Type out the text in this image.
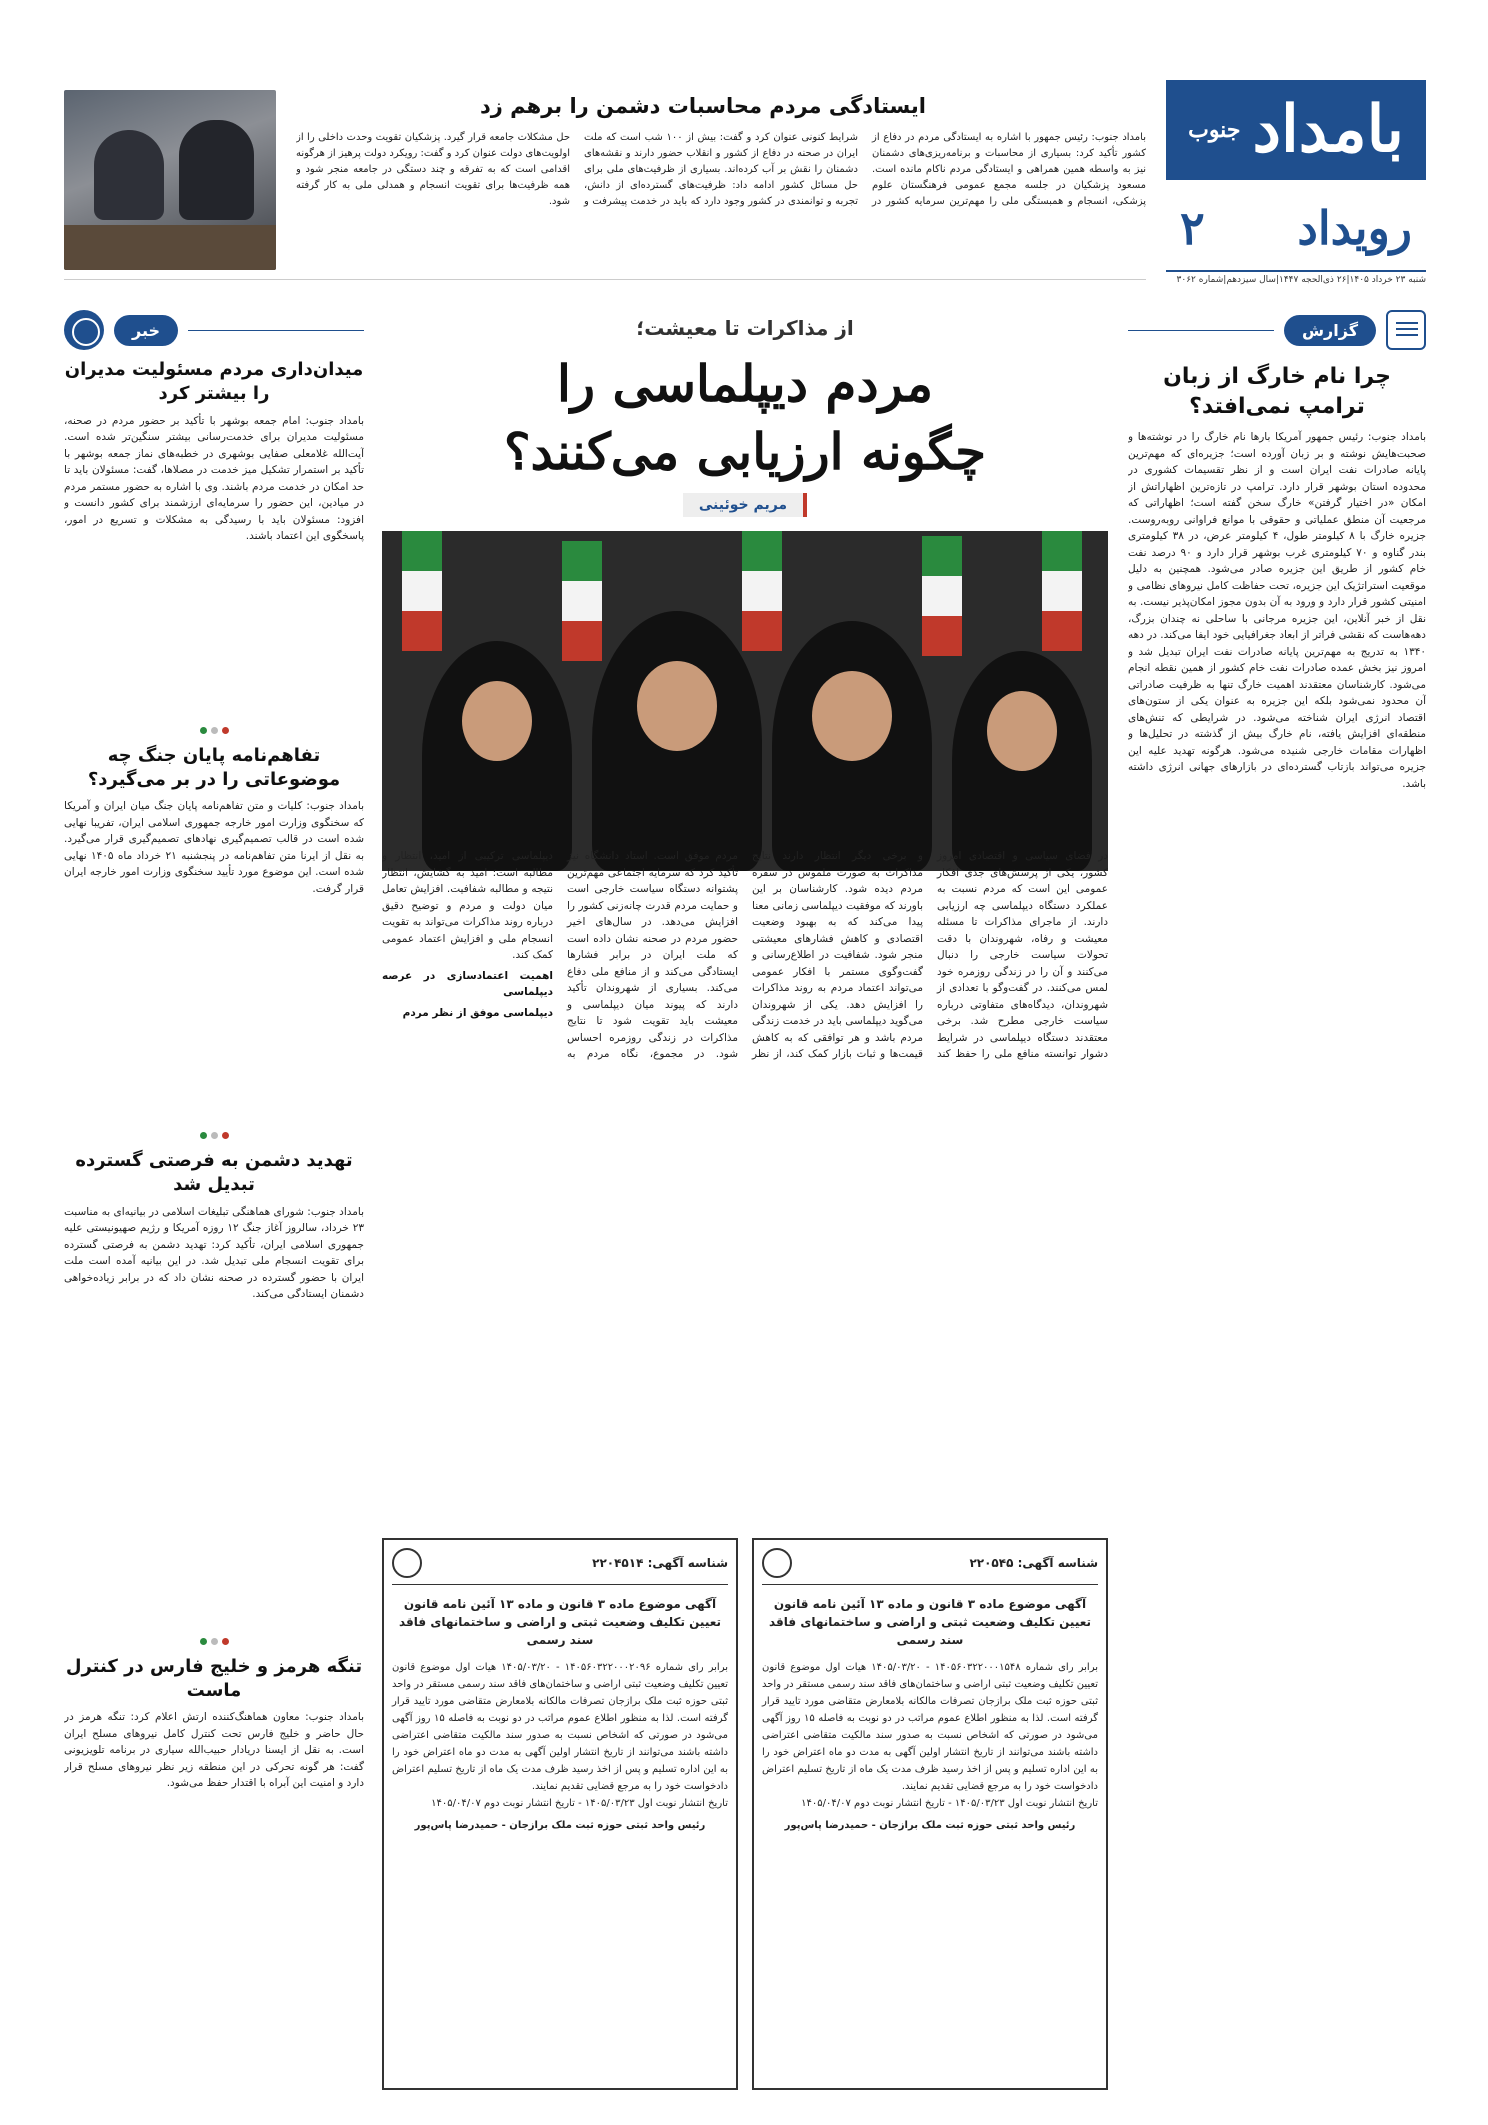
بامداد
جنوب
رویداد
۲
شنبه ۲۳ خرداد ۱۴۰۵|۲۶ ذی‌الحجه ۱۴۴۷|سال سیزدهم|شماره ۳۰۶۲
ایستادگی مردم محاسبات دشمن را برهم زد
بامداد جنوب: رئیس جمهور با اشاره به ایستادگی مردم در دفاع از کشور تأکید کرد: بسیاری از محاسبات و برنامه‌ریزی‌های دشمنان نیز به واسطه همین همراهی و ایستادگی مردم ناکام مانده است. مسعود پزشکیان در جلسه مجمع عمومی فرهنگستان علوم پزشکی، انسجام و همبستگی ملی را مهم‌ترین سرمایه کشور در شرایط کنونی عنوان کرد و گفت: بیش از ۱۰۰ شب است که ملت ایران در صحنه در دفاع از کشور و انقلاب حضور دارند و نقشه‌های دشمنان را نقش بر آب کرده‌اند. بسیاری از ظرفیت‌های ملی برای حل مسائل کشور ادامه داد: ظرفیت‌های گسترده‌ای از دانش، تجربه و توانمندی در کشور وجود دارد که باید در خدمت پیشرفت و حل مشکلات جامعه قرار گیرد. پزشکیان تقویت وحدت داخلی را از اولویت‌های دولت عنوان کرد و گفت: رویکرد دولت پرهیز از هرگونه اقدامی است که به تفرقه و چند دستگی در جامعه منجر شود و همه ظرفیت‌ها برای تقویت انسجام و همدلی ملی به کار گرفته شود.
گزارش
چرا نام خارگ از زبان ترامپ نمی‌افتد؟
بامداد جنوب: رئیس جمهور آمریکا بارها نام خارگ را در نوشته‌ها و صحبت‌هایش نوشته و بر زبان آورده است؛ جزیره‌ای که مهم‌ترین پایانه صادرات نفت ایران است و از نظر تقسیمات کشوری در محدوده استان بوشهر قرار دارد. ترامپ در تازه‌ترین اظهاراتش از امکان «در اختیار گرفتن» خارگ سخن گفته است؛ اظهاراتی که مرجعیت آن منطق عملیاتی و حقوقی با موانع فراوانی روبه‌روست. جزیره خارگ با ۸ کیلومتر طول، ۴ کیلومتر عرض، در ۳۸ کیلومتری بندر گناوه و ۷۰ کیلومتری غرب بوشهر قرار دارد و ۹۰ درصد نفت خام کشور از طریق این جزیره صادر می‌شود. همچنین به دلیل موقعیت استراتژیک این جزیره، تحت حفاظت کامل نیروهای نظامی و امنیتی کشور قرار دارد و ورود به آن بدون مجوز امکان‌پذیر نیست. به نقل از خبر آنلاین، این جزیره مرجانی با ساحلی نه چندان بزرگ، دهه‌هاست که نقشی فراتر از ابعاد جغرافیایی خود ایفا می‌کند. در دهه ۱۳۴۰ به تدریج به مهم‌ترین پایانه صادرات نفت ایران تبدیل شد و امروز نیز بخش عمده صادرات نفت خام کشور از همین نقطه انجام می‌شود. کارشناسان معتقدند اهمیت خارگ تنها به ظرفیت صادراتی آن محدود نمی‌شود بلکه این جزیره به عنوان یکی از ستون‌های اقتصاد انرژی ایران شناخته می‌شود. در شرایطی که تنش‌های منطقه‌ای افزایش یافته، نام خارگ بیش از گذشته در تحلیل‌ها و اظهارات مقامات خارجی شنیده می‌شود. هرگونه تهدید علیه این جزیره می‌تواند بازتاب گسترده‌ای در بازارهای جهانی انرژی داشته باشد.
از مذاکرات تا معیشت؛
مردم دیپلماسی را
چگونه ارزیابی می‌کنند؟
مریم خوئینی
در فضای سیاسی و اقتصادی امروز کشور، یکی از پرسش‌های جدی افکار عمومی این است که مردم نسبت به عملکرد دستگاه دیپلماسی چه ارزیابی دارند. از ماجرای مذاکرات تا مسئله معیشت و رفاه، شهروندان با دقت تحولات سیاست خارجی را دنبال می‌کنند و آن را در زندگی روزمره خود لمس می‌کنند. در گفت‌وگو با تعدادی از شهروندان، دیدگاه‌های متفاوتی درباره سیاست خارجی مطرح شد. برخی معتقدند دستگاه دیپلماسی در شرایط دشوار توانسته منافع ملی را حفظ کند و برخی دیگر انتظار دارند نتایج مذاکرات به صورت ملموس در سفره مردم دیده شود. کارشناسان بر این باورند که موفقیت دیپلماسی زمانی معنا پیدا می‌کند که به بهبود وضعیت اقتصادی و کاهش فشارهای معیشتی منجر شود. شفافیت در اطلاع‌رسانی و گفت‌وگوی مستمر با افکار عمومی می‌تواند اعتماد مردم به روند مذاکرات را افزایش دهد. یکی از شهروندان می‌گوید دیپلماسی باید در خدمت زندگی مردم باشد و هر توافقی که به کاهش قیمت‌ها و ثبات بازار کمک کند، از نظر مردم موفق است. استاد دانشگاه نیز تأکید کرد که سرمایه اجتماعی مهم‌ترین پشتوانه دستگاه سیاست خارجی است و حمایت مردم قدرت چانه‌زنی کشور را افزایش می‌دهد. در سال‌های اخیر حضور مردم در صحنه نشان داده است که ملت ایران در برابر فشارها ایستادگی می‌کند و از منافع ملی دفاع می‌کند. بسیاری از شهروندان تأکید دارند که پیوند میان دیپلماسی و معیشت باید تقویت شود تا نتایج مذاکرات در زندگی روزمره احساس شود. در مجموع، نگاه مردم به دیپلماسی ترکیبی از امید، انتظار و مطالبه است؛ امید به گشایش، انتظار نتیجه و مطالبه شفافیت. افزایش تعامل میان دولت و مردم و توضیح دقیق درباره روند مذاکرات می‌تواند به تقویت انسجام ملی و افزایش اعتماد عمومی کمک کند.
اهمیت اعتمادسازی در عرصه دیپلماسی
دیپلماسی موفق از نظر مردم
شناسه آگهی: ۲۲۰۵۴۵
آگهی موضوع ماده ۳ قانون و ماده ۱۳ آئین نامه قانون تعیین تکلیف وضعیت ثبتی و اراضی و ساختمانهای فاقد سند رسمی
برابر رای شماره ۱۴۰۵۶۰۳۲۲۰۰۰۱۵۴۸ - ۱۴۰۵/۰۳/۲۰ هیات اول موضوع قانون تعیین تکلیف وضعیت ثبتی اراضی و ساختمان‌های فاقد سند رسمی مستقر در واحد ثبتی حوزه ثبت ملک برازجان تصرفات مالکانه بلامعارض متقاضی مورد تایید قرار گرفته است. لذا به منظور اطلاع عموم مراتب در دو نوبت به فاصله ۱۵ روز آگهی می‌شود در صورتی که اشخاص نسبت به صدور سند مالکیت متقاضی اعتراضی داشته باشند می‌توانند از تاریخ انتشار اولین آگهی به مدت دو ماه اعتراض خود را به این اداره تسلیم و پس از اخذ رسید ظرف مدت یک ماه از تاریخ تسلیم اعتراض دادخواست خود را به مرجع قضایی تقدیم نمایند.
تاریخ انتشار نوبت اول ۱۴۰۵/۰۳/۲۳ - تاریخ انتشار نوبت دوم ۱۴۰۵/۰۴/۰۷
رئیس واحد ثبتی حوزه ثبت ملک برازجان - حمیدرضا پاس‌پور
شناسه آگهی: ۲۲۰۴۵۱۴
آگهی موضوع ماده ۳ قانون و ماده ۱۳ آئین نامه قانون تعیین تکلیف وضعیت ثبتی و اراضی و ساختمانهای فاقد سند رسمی
برابر رای شماره ۱۴۰۵۶۰۳۲۲۰۰۰۲۰۹۶ - ۱۴۰۵/۰۳/۲۰ هیات اول موضوع قانون تعیین تکلیف وضعیت ثبتی اراضی و ساختمان‌های فاقد سند رسمی مستقر در واحد ثبتی حوزه ثبت ملک برازجان تصرفات مالکانه بلامعارض متقاضی مورد تایید قرار گرفته است. لذا به منظور اطلاع عموم مراتب در دو نوبت به فاصله ۱۵ روز آگهی می‌شود در صورتی که اشخاص نسبت به صدور سند مالکیت متقاضی اعتراضی داشته باشند می‌توانند از تاریخ انتشار اولین آگهی به مدت دو ماه اعتراض خود را به این اداره تسلیم و پس از اخذ رسید ظرف مدت یک ماه از تاریخ تسلیم اعتراض دادخواست خود را به مرجع قضایی تقدیم نمایند.
تاریخ انتشار نوبت اول ۱۴۰۵/۰۳/۲۳ - تاریخ انتشار نوبت دوم ۱۴۰۵/۰۴/۰۷
رئیس واحد ثبتی حوزه ثبت ملک برازجان - حمیدرضا پاس‌پور
خبر
میدان‌داری مردم مسئولیت مدیران را بیشتر کرد
بامداد جنوب: امام جمعه بوشهر با تأکید بر حضور مردم در صحنه، مسئولیت مدیران برای خدمت‌رسانی بیشتر سنگین‌تر شده است. آیت‌الله غلامعلی صفایی بوشهری در خطبه‌های نماز جمعه بوشهر با تأکید بر استمرار تشکیل میز خدمت در مصلاها، گفت: مسئولان باید تا حد امکان در خدمت مردم باشند. وی با اشاره به حضور مستمر مردم در میادین، این حضور را سرمایه‌ای ارزشمند برای کشور دانست و افزود: مسئولان باید با رسیدگی به مشکلات و تسریع در امور، پاسخگوی این اعتماد باشند.
تفاهم‌نامه پایان جنگ چه موضوعاتی را در بر می‌گیرد؟
بامداد جنوب: کلیات و متن تفاهم‌نامه پایان جنگ میان ایران و آمریکا که سخنگوی وزارت امور خارجه جمهوری اسلامی ایران، تفریبا نهایی شده است در قالب تصمیم‌گیری نهادهای تصمیم‌گیری قرار می‌گیرد. به نقل از ایرنا متن تفاهم‌نامه در پنجشنبه ۲۱ خرداد ماه ۱۴۰۵ نهایی شده است. این موضوع مورد تأیید سخنگوی وزارت امور خارجه ایران قرار گرفت.
تهدید دشمن به فرصتی گسترده تبدیل شد
بامداد جنوب: شورای هماهنگی تبلیغات اسلامی در بیانیه‌ای به مناسبت ۲۳ خرداد، سالروز آغاز جنگ ۱۲ روزه آمریکا و رژیم صهیونیستی علیه جمهوری اسلامی ایران، تأکید کرد: تهدید دشمن به فرصتی گسترده برای تقویت انسجام ملی تبدیل شد. در این بیانیه آمده است ملت ایران با حضور گسترده در صحنه نشان داد که در برابر زیاده‌خواهی دشمنان ایستادگی می‌کند.
تنگه هرمز و خلیج فارس در کنترل ماست
بامداد جنوب: معاون هماهنگ‌کننده ارتش اعلام کرد: تنگه هرمز در حال حاضر و خلیج فارس تحت کنترل کامل نیروهای مسلح ایران است. به نقل از ایسنا دریادار حبیب‌الله سیاری در برنامه تلویزیونی گفت: هر گونه تحرکی در این منطقه زیر نظر نیروهای مسلح قرار دارد و امنیت این آبراه با اقتدار حفظ می‌شود.
